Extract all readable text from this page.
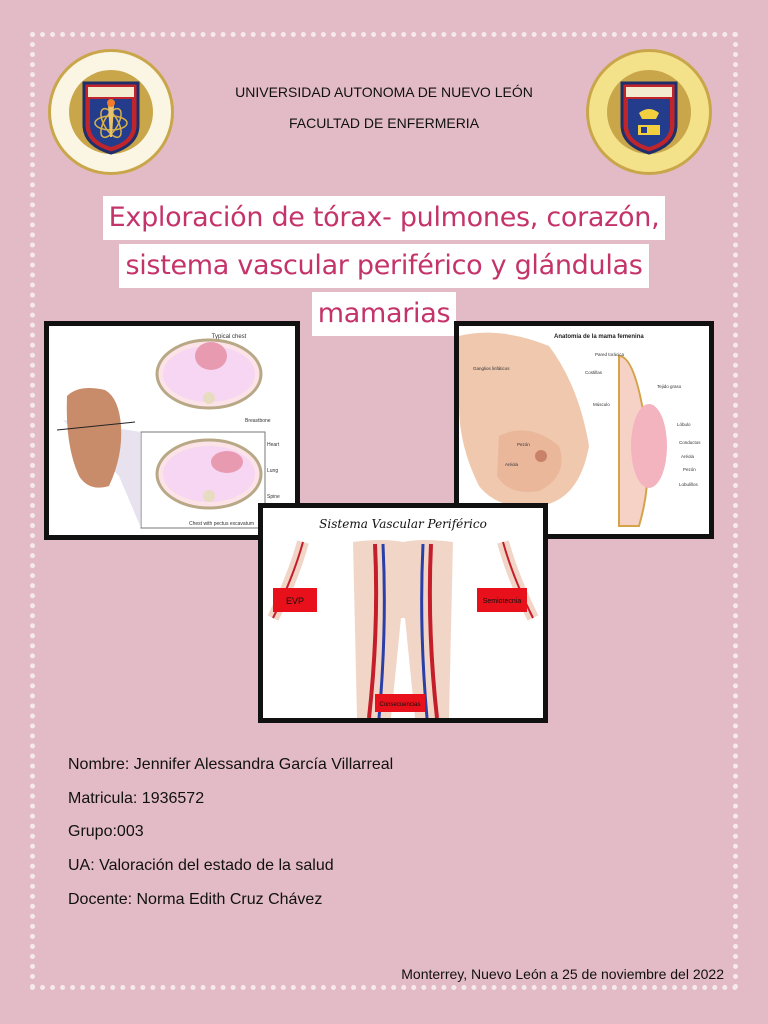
UNIVERSIDAD AUTONOMA DE NUEVO LEÓN
FACULTAD DE ENFERMERIA
Exploración de tórax- pulmones, corazón,
sistema vascular periférico y glándulas
mamarias
Typical chest
Breastbone
Heart
Lung
Spine
Chest with pectus excavatum
Anatomía de la mama femenina
Pared torácica
Costillas
Ganglios linfáticos
Tejido graso
Músculo
Lóbulo
Conductos
Aréola
Pezón
Lobulillos
Pezón
Aréola
Sistema Vascular Periférico
EVP	Semiotecnia
Consecuencias
Nombre: Jennifer Alessandra García Villarreal
Matricula: 1936572
Grupo:003
UA: Valoración del estado de la salud
Docente: Norma Edith Cruz Chávez
Monterrey, Nuevo León a 25 de noviembre del 2022
